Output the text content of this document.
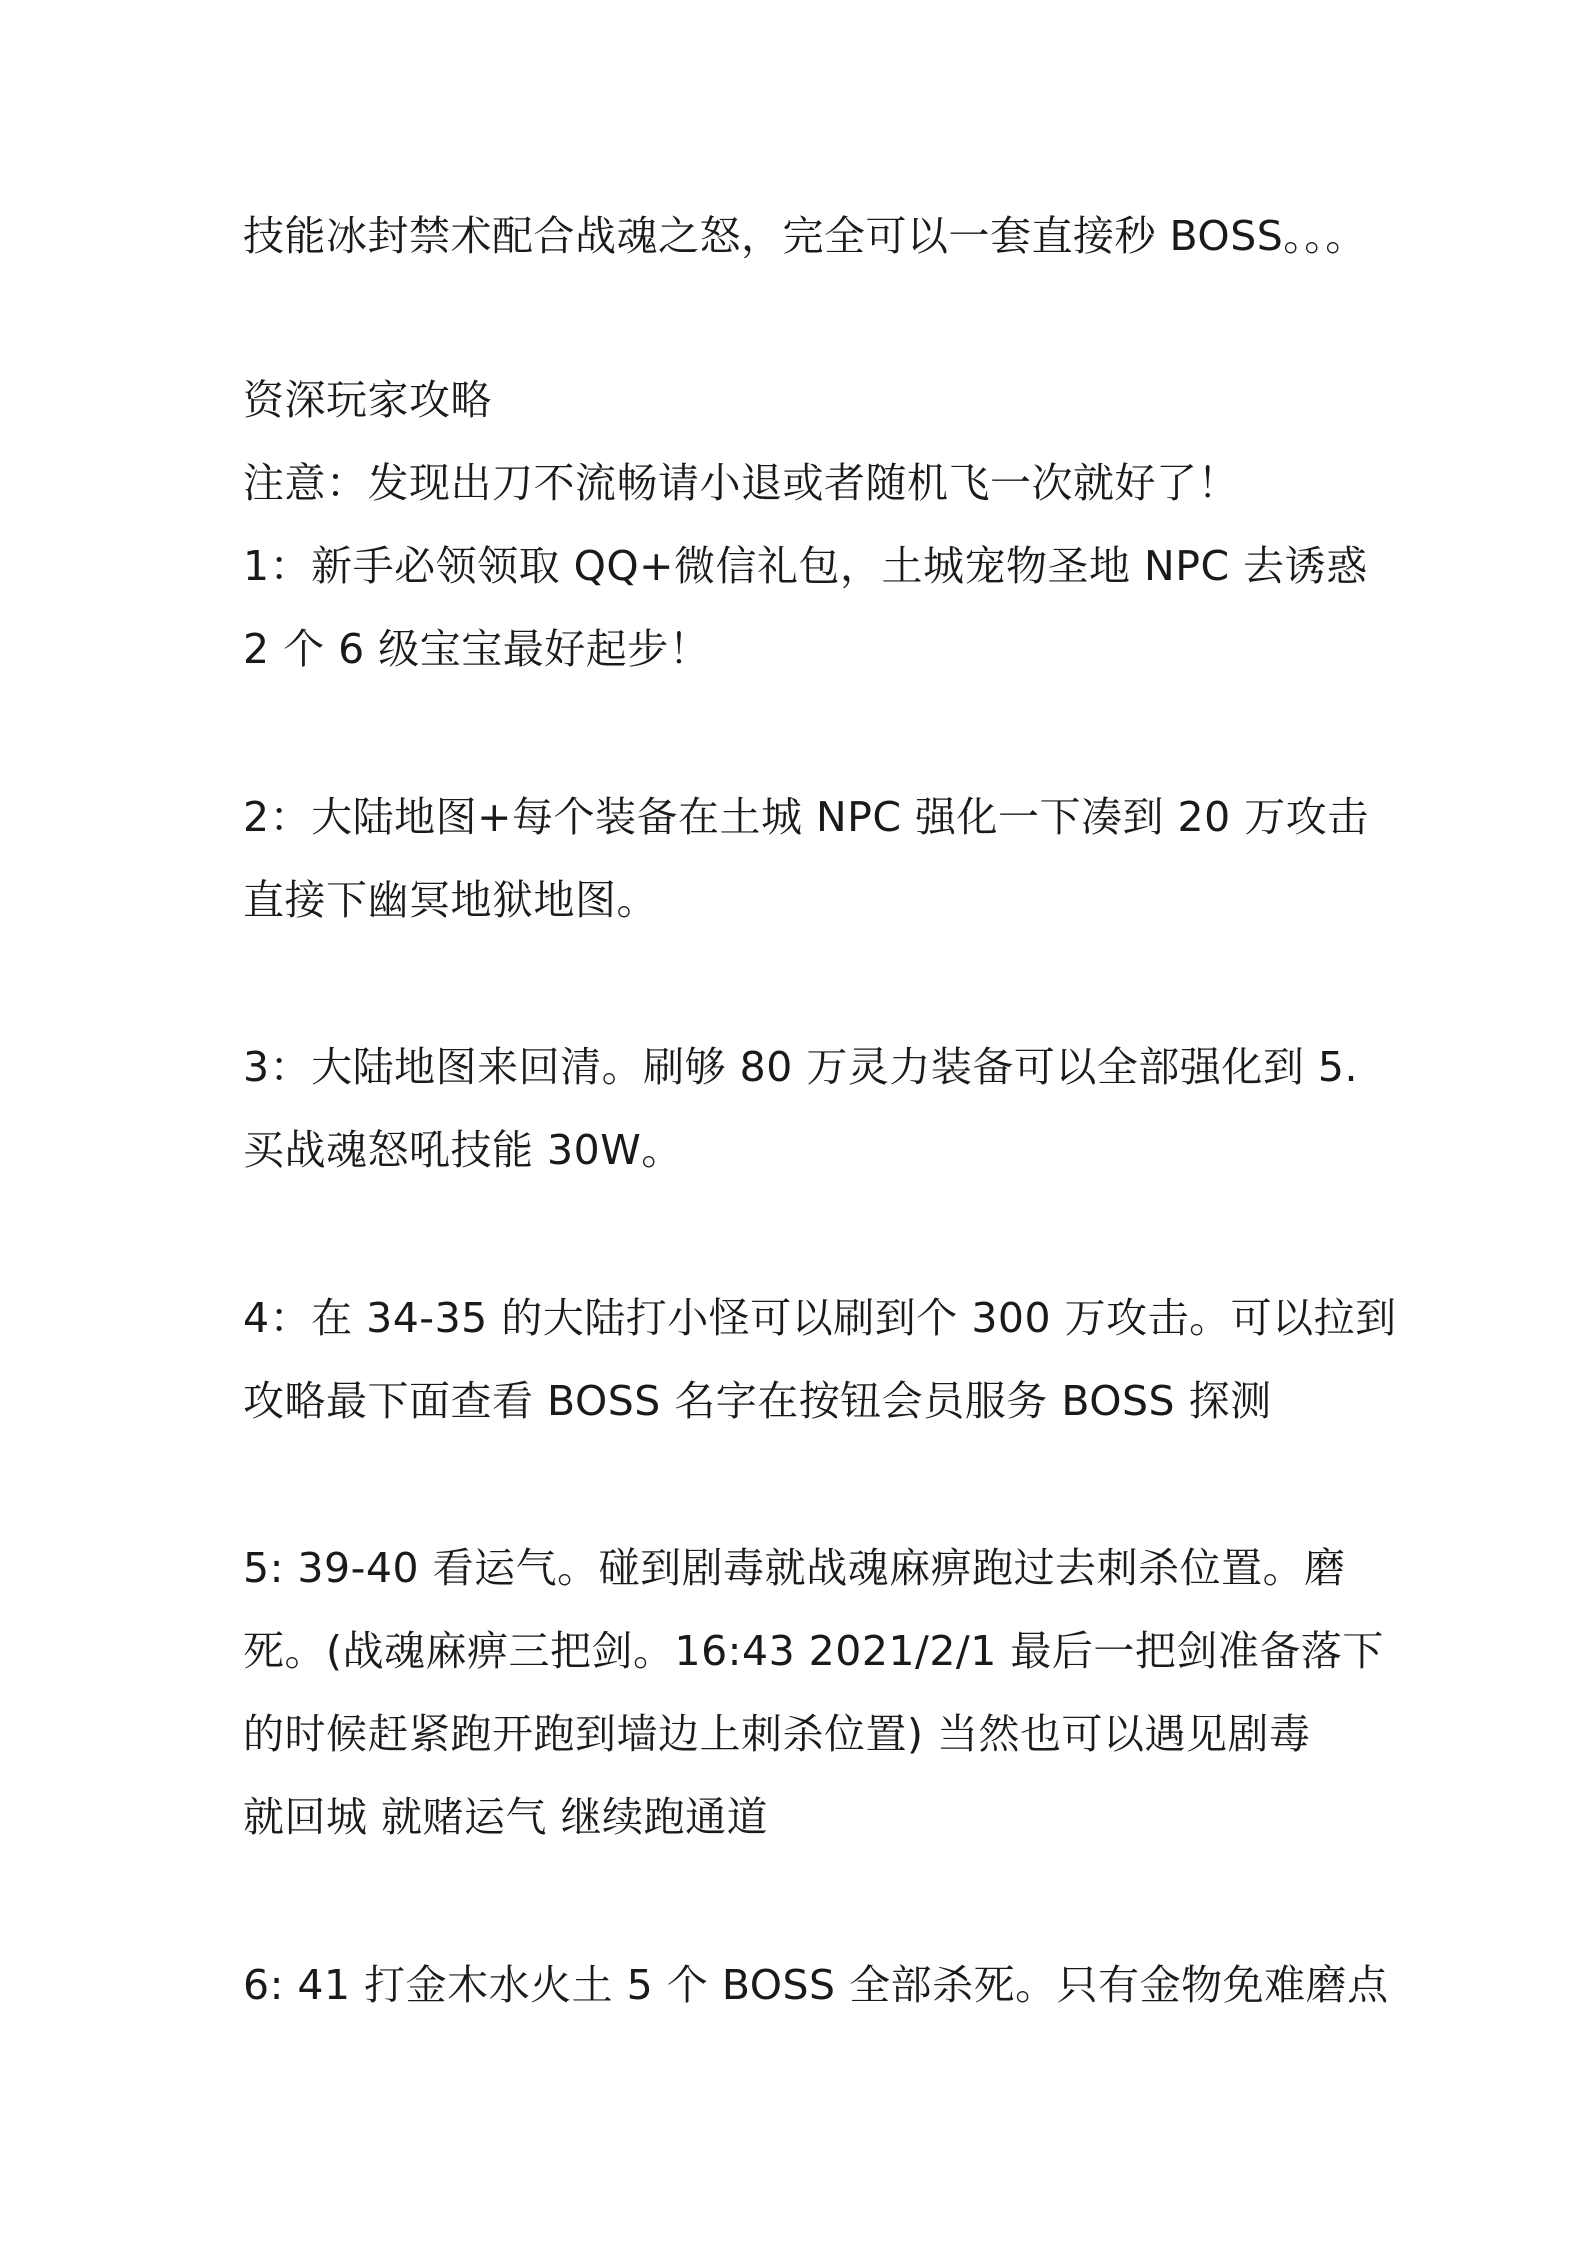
技能冰封禁术配合战魂之怒，完全可以一套直接秒 BOSS。。。
资深玩家攻略
注意：发现出刀不流畅请小退或者随机飞一次就好了！
1：新手必领领取 QQ+微信礼包，土城宠物圣地 NPC 去诱惑
2 个 6 级宝宝最好起步！
2：大陆地图+每个装备在土城 NPC 强化一下凑到 20 万攻击
直接下幽冥地狱地图。
3：大陆地图来回清。刷够 80 万灵力装备可以全部强化到 5.
买战魂怒吼技能 30W。
4：在 34-35 的大陆打小怪可以刷到个 300 万攻击。可以拉到
攻略最下面查看 BOSS 名字在按钮会员服务 BOSS 探测
5: 39-40 看运气。碰到剧毒就战魂麻痹跑过去刺杀位置。磨
死。(战魂麻痹三把剑。16:43 2021/2/1 最后一把剑准备落下
的时候赶紧跑开跑到墙边上刺杀位置) 当然也可以遇见剧毒
就回城 就赌运气 继续跑通道
6: 41 打金木水火土 5 个 BOSS 全部杀死。只有金物免难磨点
